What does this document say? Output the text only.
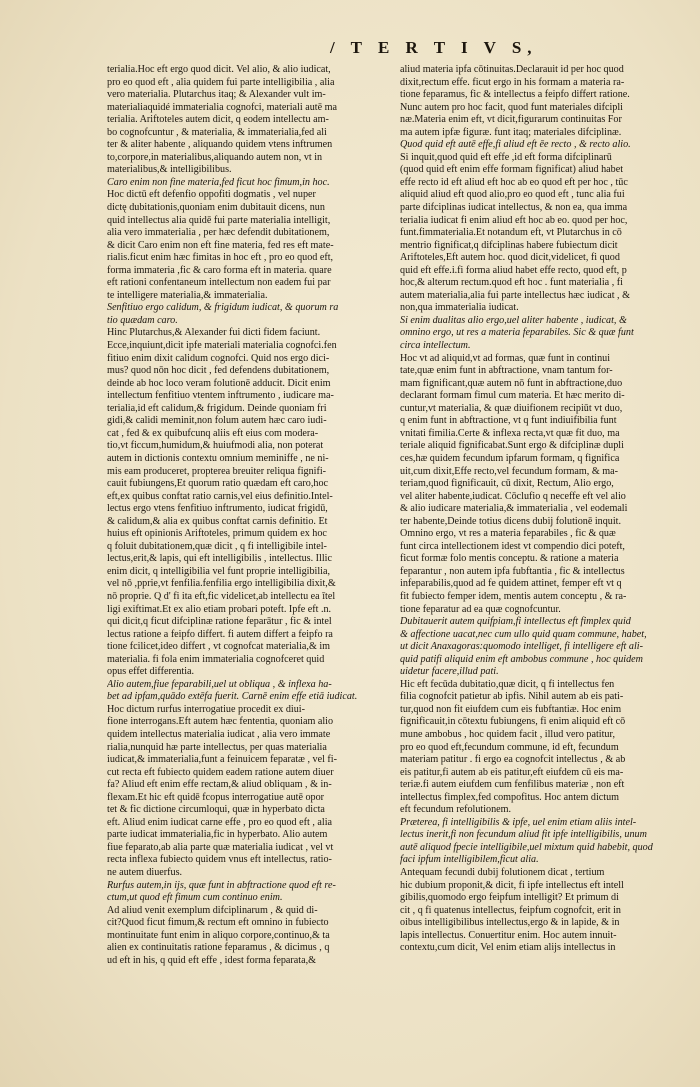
/ T E R T I V S,
terialia.Hoc eft ergo quod dicit. Vel alio, & alio iudicat,
pro eo quod eft , alia quidem fui parte intelligibilia , alia
vero materialia. Plutarchus itaq; & Alexander vult im-
materialiaquidé immaterialia cognofci, materiali autē ma
terialia. Ariftoteles autem dicit, q eodem intellectu am-
bo cognofcuntur , & materialia, & immaterialia,fed ali
ter & aliter habente , aliquando quidem vtens inftrumen
to,corpore,in materialibus,aliquando autem non, vt in
materialibus,& intelligibilibus.
Caro enim non fine materia,fed ficut hoc fimum,in hoc.
Hoc dictū eft defenfio oppofiti dogmatis , vel nuper
dictę dubitationis,quoniam enim dubitauit dicens, nun
quid intellectus alia quidē fui parte materialia intelligit,
alia vero immaterialia , per hæc defendit dubitationem,
& dicit Caro enim non eft fine materia, fed res eft mate-
rialis.ficut enim hæc fimitas in hoc eft , pro eo quod eft,
forma immateria ,fic & caro forma eft in materia. quare
eft rationi confentaneum intellectum non eadem fui par
te intelligere materialia,& immaterialia.
Senfitiuo ergo calidum, & frigidum iudicat, & quorum ra
tio quædam caro.
Hinc Plutarchus,& Alexander fui dicti fidem faciunt.
Ecce,inquiunt,dicit ipfe materiali materialia cognofci.fen
fitiuo enim dixit calidum cognofci. Quid nos ergo dici-
mus? quod nōn hoc dicit , fed defendens dubitationem,
deinde ab hoc loco veram folutionē adducit. Dicit enim
intellectum fenfitiuo vtentem inftrumento , iudicare ma-
terialia,id eft calidum,& frigidum. Deinde quoniam fri
gidi,& calidi meminit,non folum autem hæc caro iudi-
cat , fed & ex quibufcunq aliis eft eius com modera-
tio,vt ficcum,humidum,& huiufmodi alia, non poterat
autem in dictionis contextu omnium meminiffe , ne ni-
mis eam produceret, propterea breuiter reliqua fignifi-
cauit fubiungens,Et quorum ratio quædam eft caro,hoc
eft,ex quibus conftat ratio carnis,vel eius definitio.Intel-
lectus ergo vtens fenfitiuo inftrumento, iudicat frigidū,
& calidum,& alia ex quibus conftat carnis definitio. Et
huius eft opinionis Ariftoteles, primum quidem ex hoc
q foluit dubitationem,quæ dicit , q fi intelligibile intel-
lectus,erit,& lapis, qui eft intelligibilis , intellectus. Illic
enim dicit, q intelligibilia vel funt proprie intelligibilia,
vel nō ,pprie,vt fenfilia.fenfilia ergo intelligibilia dixit,&
nō proprie. Q d' fi ita eft,fic videlicet,ab intellectu ea ītel
ligi exiftimat.Et ex alio etiam probari poteft. Ipfe eft .n.
qui dicit,q ficut difciplinæ ratione feparātur , fic & intel
lectus ratione a feipfo differt. fi autem differt a feipfo ra
tione fcilicet,ideo differt , vt cognofcat materialia,& im
materialia. fi fola enim immaterialia cognofceret quid
opus effet differentia.
Alio autem,fiue feparabili,uel ut obliqua , & inflexa ha-
bet ad ipfam,quādo extēfa fuerit. Carnē enim effe etiā iudicat.
Hoc dictum rurfus interrogatiue procedit ex diui-
fione interrogans.Eft autem hæc fententia, quoniam alio
quidem intellectus materialia iudicat , alia vero immate
rialia,nunquid hæ parte intellectus, per quas materialia
iudicat,& immaterialia,funt a feinuicem feparatæ , vel fi-
cut recta eft fubiecto quidem eadem ratione autem diuer
fa? Aliud eft enim effe rectam,& aliud obliquam , & in-
flexam.Et hic eft quidē fcopus interrogatiue autē opor
tet & fic dictione circumloqui, quæ in hyperbato dicta
eft. Aliud enim iudicat carne effe , pro eo quod eft , alia
parte iudicat immaterialia,fic in hyperbato. Alio autem
fiue feparato,ab alia parte quæ materialia iudicat , vel vt
recta inflexa fubiecto quidem vnus eft intellectus, ratio-
ne autem diuerfus.
Rurfus autem,in ijs, quæ funt in abftractione quod eft re-
ctum,ut quod eft fimum cum continuo enim.
Ad aliud venit exemplum difciplinarum , & quid di-
cit?Quod ficut fimum,& rectum eft omnino in fubiecto
montinuitate funt enim in aliquo corpore,continuo,& ta
alien ex continuitatis ratione feparamus , & dicimus , q
ud eft in his, q quid eft effe , idest forma feparata,&
aliud materia ipfa cōtinuitas.Declarauit id per hoc quod
dixit,rectum effe. ficut ergo in his formam a materia ra-
tione feparamus, fic & intellectus a feipfo differt ratione.
Nunc autem pro hoc facit, quod funt materiales difcipli
næ.Materia enim eft, vt dicit,figurarum continuitas For
ma autem ipfæ figuræ. funt itaq; materiales difciplinæ.
Quod quid eft autē effe,fi aliud eft ēe recto , & recto alio.
Si inquit,quod quid eft effe ,id eft forma difciplinarū
(quod quid eft enim effe formam fignificat) aliud habet
effe recto id eft aliud eft hoc ab eo quod eft per hoc , tūc
aliquid aliud eft quod alio,pro eo quod eft , tunc alia fui
parte difciplinas iudicat intellectus, & non ea, qua imma
terialia iudicat fi enim aliud eft hoc ab eo. quod per hoc,
funt.fimmaterialia.Et notandum eft, vt Plutarchus in cō
mentrio fignificat,q difciplinas habere fubiectum dicit
Ariftoteles,Eft autem hoc. quod dicit,videlicet, fi quod
quid eft effe.i.fi forma aliud habet effe recto, quod eft, p
hoc,& alterum rectum.quod eft hoc . funt materialia , fi
autem materialia,alia fui parte intellectus hæc iudicat , &
non,qua immaterialia iudicat.
Si enim dualitas alio ergo,uel aliter habente , iudicat, &
omnino ergo, ut res a materia feparabiles. Sic & quæ funt
circa intellectum.
Hoc vt ad aliquid,vt ad formas, quæ funt in continui
tate,quæ enim funt in abftractione, vnam tantum for-
mam fignificant,quæ autem nō funt in abftractione,duo
declarant formam fimul cum materia. Et hæc merito di-
cuntur,vt materialia, & quæ diuifionem recipiūt vt duo,
q enim funt in abftractione, vt q funt indiuifibilia funt
vnitati fimilia.Certe & inflexa recta,vt quæ fit duo, ma
teriale aliquid fignificabat.Sunt ergo & difciplinæ dupli
ces,hæ quidem fecundum ipfarum formam, q fignifica
uit,cum dixit,Effe recto,vel fecundum formam, & ma-
teriam,quod fignificauit, cū dixit, Rectum, Alio ergo,
vel aliter habente,iudicat. Cōclufio q neceffe eft vel alio
& alio iudicare materialia,& immaterialia , vel eodemali
ter habente,Deinde totius dicens dubij folutionē inquit.
Omnino ergo, vt res a materia feparabiles , fic & quæ
funt circa intellectionem idest vt compendio dici poteft,
ficut formæ folo mentis conceptu. & ratione a materia
feparantur , non autem ipfa fubftantia , fic & intellectus
infeparabilis,quod ad fe quidem attinet, femper eft vt q
fit fubiecto femper idem, mentis autem conceptu , & ra-
tione feparatur ad ea quæ cognofcuntur.
Dubitauerit autem quifpiam,fi intellectus eft fimplex quid
& affectione uacat,nec cum ullo quid quam commune, habet,
ut dicit Anaxagoras:quomodo intelliget, fi intelligere eft ali-
quid patifi aliquid enim eft ambobus commune , hoc quidem
uidetur facere,illud pati.
Hic eft fecūda dubitatio,quæ dicit, q fi intellectus fen
filia cognofcit patietur ab ipfis. Nihil autem ab eis pati-
tur,quod non fit eiufdem cum eis fubftantiæ. Hoc enim
fignificauit,in cōtextu fubiungens, fi enim aliquid eft cō
mune ambobus , hoc quidem facit , illud vero patitur,
pro eo quod eft,fecundum commune, id eft, fecundum
materiam patitur . fi ergo ea cognofcit intellectus , & ab
eis patitur,fi autem ab eis patitur,eft eiufdem cū eis ma-
teriæ.fi autem eiufdem cum fenfilibus materiæ , non eft
intellectus fimplex,fed compofitus. Hoc antem dictum
eft fecundum refolutionem.
Præterea, fi intelligibilis & ipfe, uel enim etiam aliis intel-
lectus inerit,fi non fecundum aliud fit ipfe intelligibilis, unum
autē aliquod fpecie intelligibile,uel mixtum quid habebit, quod
faci ipfum intelligibilem,ficut alia.
Antequam fecundi dubij folutionem dicat , tertium
hic dubium proponit,& dicit, fi ipfe intellectus eft intell
gibilis,quomodo ergo feipfum intelligit? Et primum di
cit , q fi quatenus intellectus, feipfum cognofcit, erit in
oibus intelligibilibus intellectus,ergo & in lapide, & in
lapis intellectus. Conuertitur enim. Hoc autem innuit-
contextu,cum dicit, Vel enim etiam alijs intellectus in
